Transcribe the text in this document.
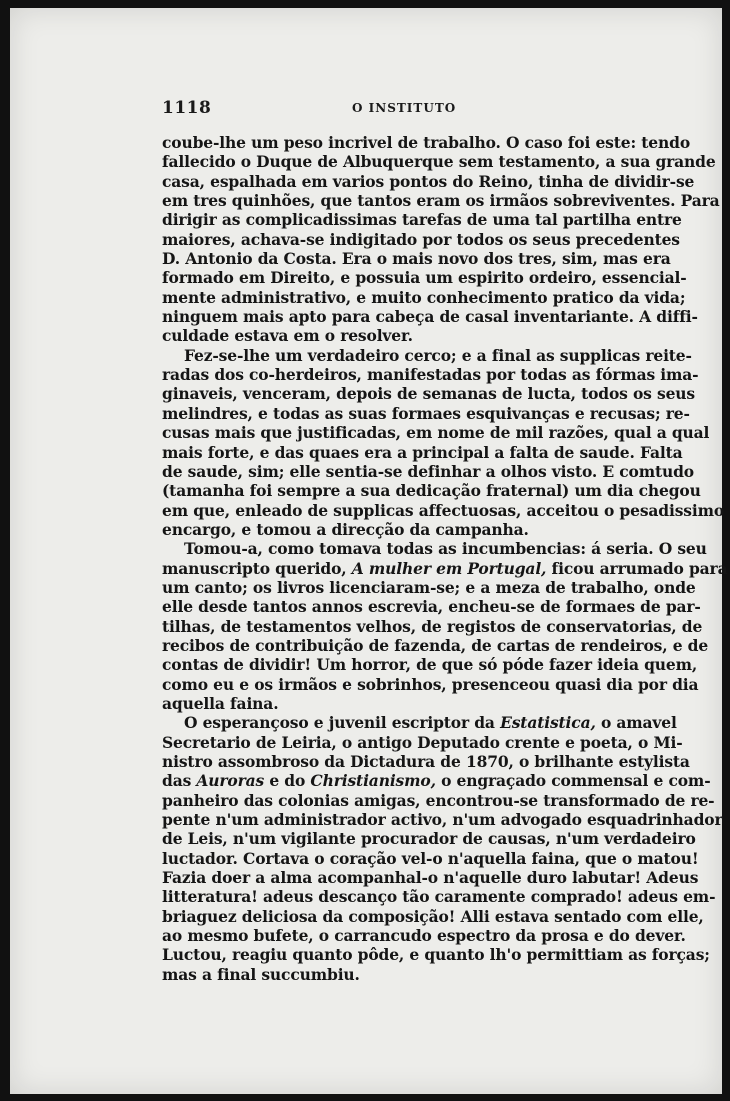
1118	O INSTITUTO
coube-lhe um peso incrivel de trabalho. O caso foi este: tendo
fallecido o Duque de Albuquerque sem testamento, a sua grande
casa, espalhada em varios pontos do Reino, tinha de dividir-se
em tres quinhões, que tantos eram os irmãos sobreviventes. Para
dirigir as complicadissimas tarefas de uma tal partilha entre
maiores, achava-se indigitado por todos os seus precedentes
D. Antonio da Costa. Era o mais novo dos tres, sim, mas era
formado em Direito, e possuia um espirito ordeiro, essencial-
mente administrativo, e muito conhecimento pratico da vida;
ninguem mais apto para cabeça de casal inventariante. A diffi-
culdade estava em o resolver.
Fez-se-lhe um verdadeiro cerco; e a final as supplicas reite-
radas dos co-herdeiros, manifestadas por todas as fórmas ima-
ginaveis, venceram, depois de semanas de lucta, todos os seus
melindres, e todas as suas formaes esquivanças e recusas; re-
cusas mais que justificadas, em nome de mil razões, qual a qual
mais forte, e das quaes era a principal a falta de saude. Falta
de saude, sim; elle sentia-se definhar a olhos visto. E comtudo
(tamanha foi sempre a sua dedicação fraternal) um dia chegou
em que, enleado de supplicas affectuosas, acceitou o pesadissimo
encargo, e tomou a direcção da campanha.
Tomou-a, como tomava todas as incumbencias: á seria. O seu
manuscripto querido, A mulher em Portugal, ficou arrumado para
um canto; os livros licenciaram-se; e a meza de trabalho, onde
elle desde tantos annos escrevia, encheu-se de formaes de par-
tilhas, de testamentos velhos, de registos de conservatorias, de
recibos de contribuição de fazenda, de cartas de rendeiros, e de
contas de dividir! Um horror, de que só póde fazer ideia quem,
como eu e os irmãos e sobrinhos, presenceou quasi dia por dia
aquella faina.
O esperançoso e juvenil escriptor da Estatistica, o amavel
Secretario de Leiria, o antigo Deputado crente e poeta, o Mi-
nistro assombroso da Dictadura de 1870, o brilhante estylista
das Auroras e do Christianismo, o engraçado commensal e com-
panheiro das colonias amigas, encontrou-se transformado de re-
pente n'um administrador activo, n'um advogado esquadrinhador
de Leis, n'um vigilante procurador de causas, n'um verdadeiro
luctador. Cortava o coração vel-o n'aquella faina, que o matou!
Fazia doer a alma acompanhal-o n'aquelle duro labutar! Adeus
litteratura! adeus descanço tão caramente comprado! adeus em-
briaguez deliciosa da composição! Alli estava sentado com elle,
ao mesmo bufete, o carrancudo espectro da prosa e do dever.
Luctou, reagiu quanto pôde, e quanto lh'o permittiam as forças;
mas a final succumbiu.
